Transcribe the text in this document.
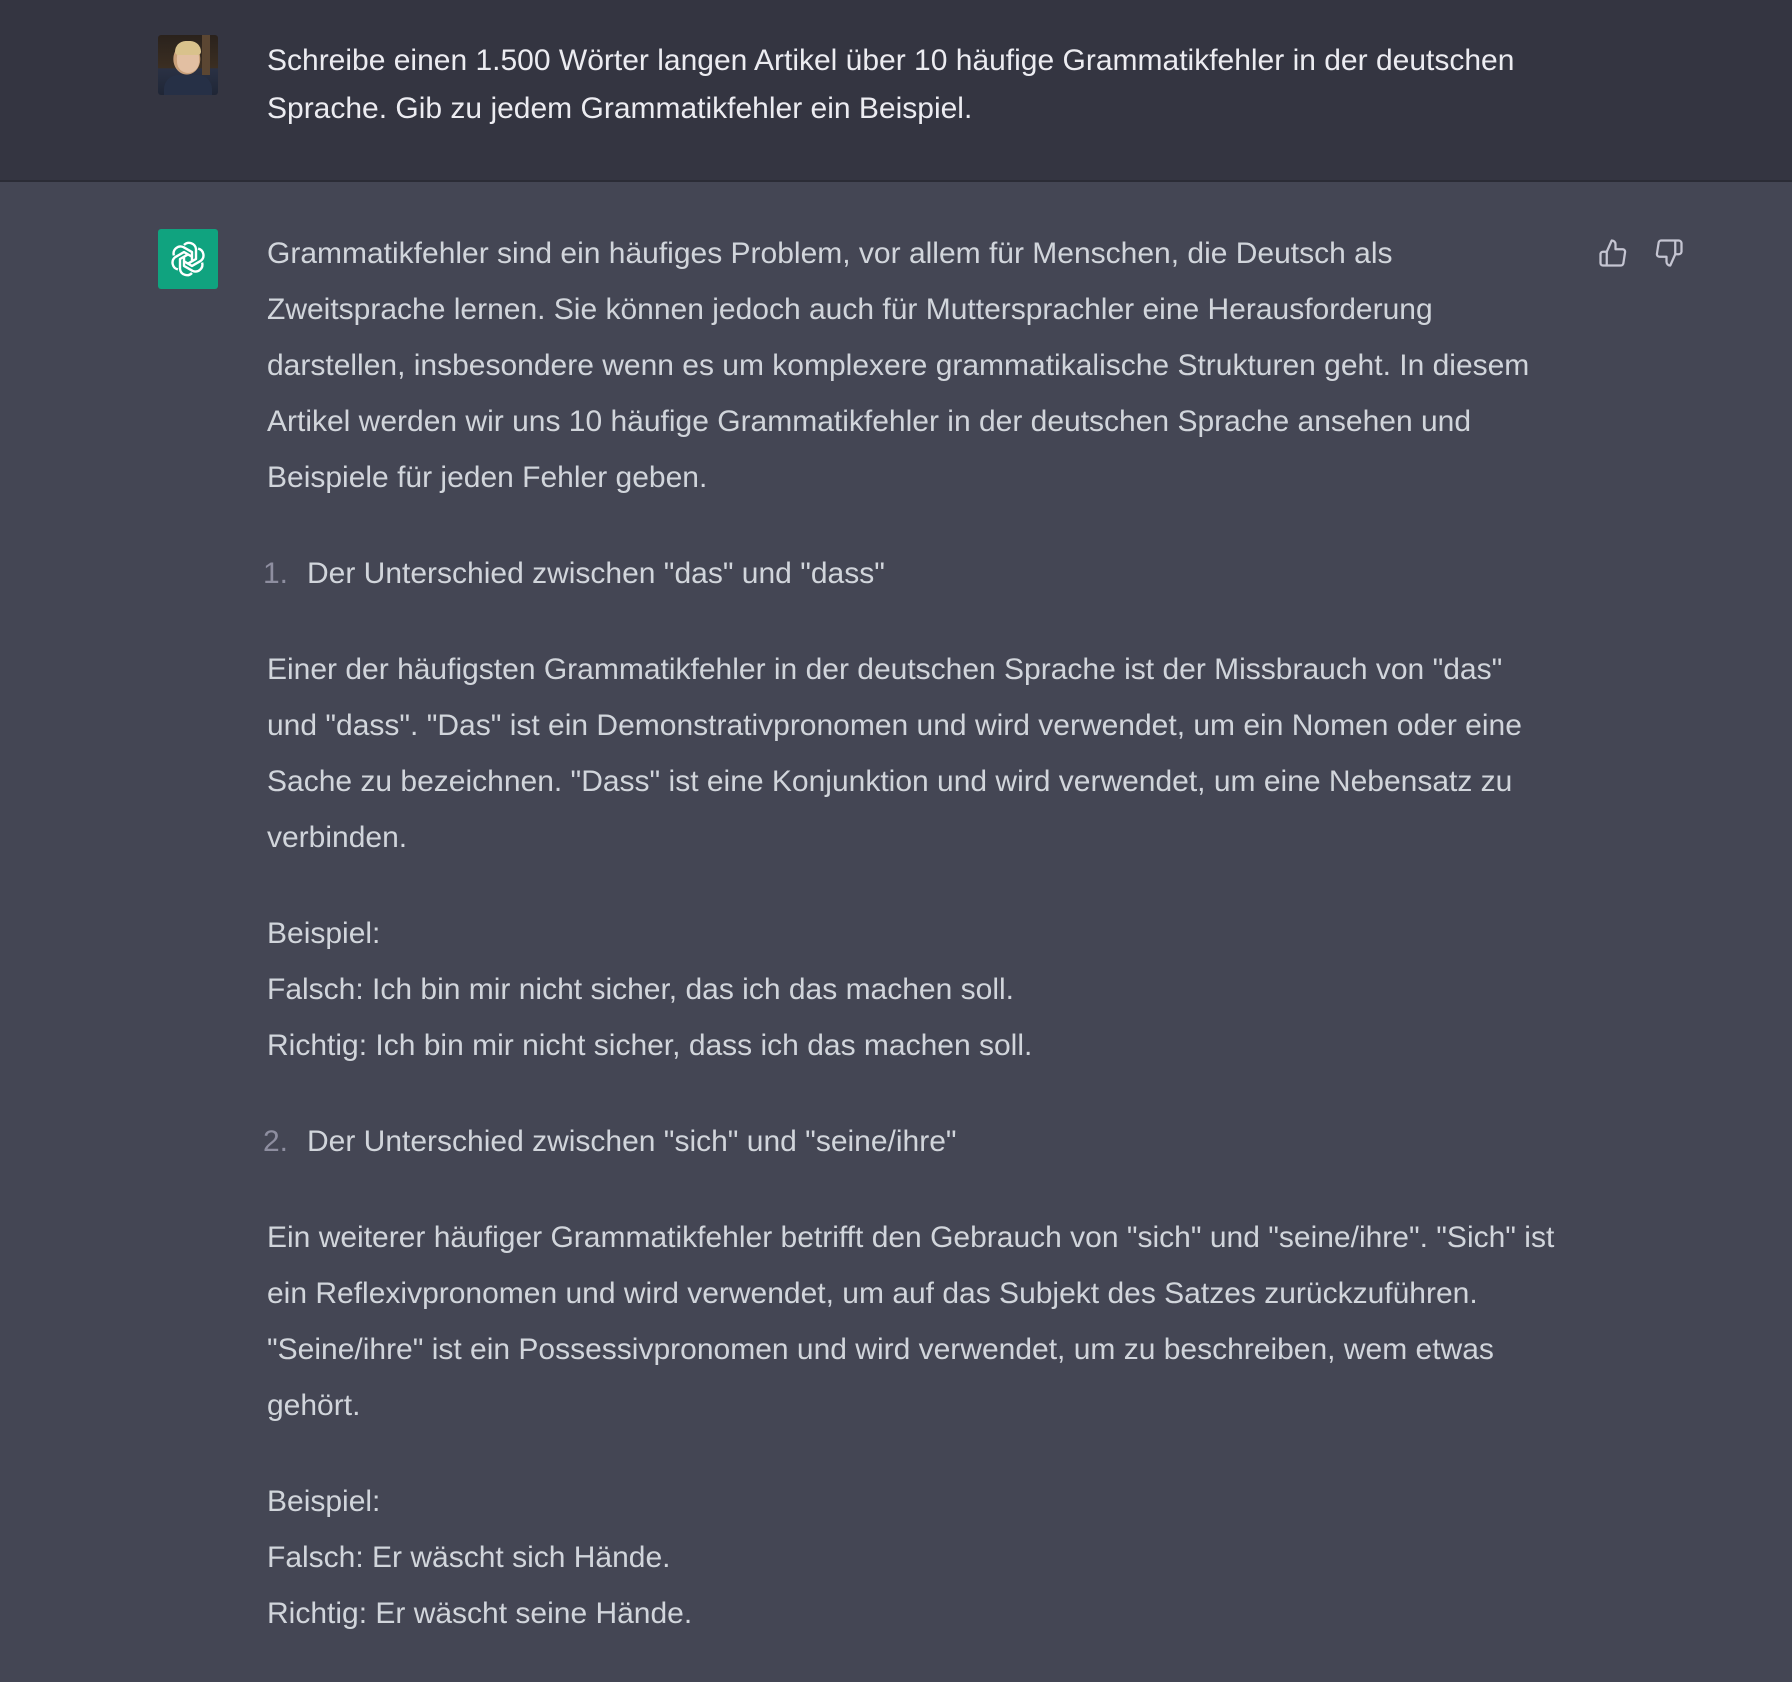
Schreibe einen 1.500 Wörter langen Artikel über 10 häufige Grammatikfehler in der deutschen Sprache. Gib zu jedem Grammatikfehler ein Beispiel.

Grammatikfehler sind ein häufiges Problem, vor allem für Menschen, die Deutsch als Zweitsprache lernen. Sie können jedoch auch für Muttersprachler eine Herausforderung darstellen, insbesondere wenn es um komplexere grammatikalische Strukturen geht. In diesem Artikel werden wir uns 10 häufige Grammatikfehler in der deutschen Sprache ansehen und Beispiele für jeden Fehler geben.

1. Der Unterschied zwischen "das" und "dass"

Einer der häufigsten Grammatikfehler in der deutschen Sprache ist der Missbrauch von "das" und "dass". "Das" ist ein Demonstrativpronomen und wird verwendet, um ein Nomen oder eine Sache zu bezeichnen. "Dass" ist eine Konjunktion und wird verwendet, um eine Nebensatz zu verbinden.

Beispiel:
Falsch: Ich bin mir nicht sicher, das ich das machen soll.
Richtig: Ich bin mir nicht sicher, dass ich das machen soll.
2. Der Unterschied zwischen "sich" und "seine/ihre"

Ein weiterer häufiger Grammatikfehler betrifft den Gebrauch von "sich" und "seine/ihre". "Sich" ist ein Reflexivpronomen und wird verwendet, um auf das Subjekt des Satzes zurückzuführen. "Seine/ihre" ist ein Possessivpronomen und wird verwendet, um zu beschreiben, wem etwas gehört.

Beispiel:
Falsch: Er wäscht sich Hände.
Richtig: Er wäscht seine Hände.
